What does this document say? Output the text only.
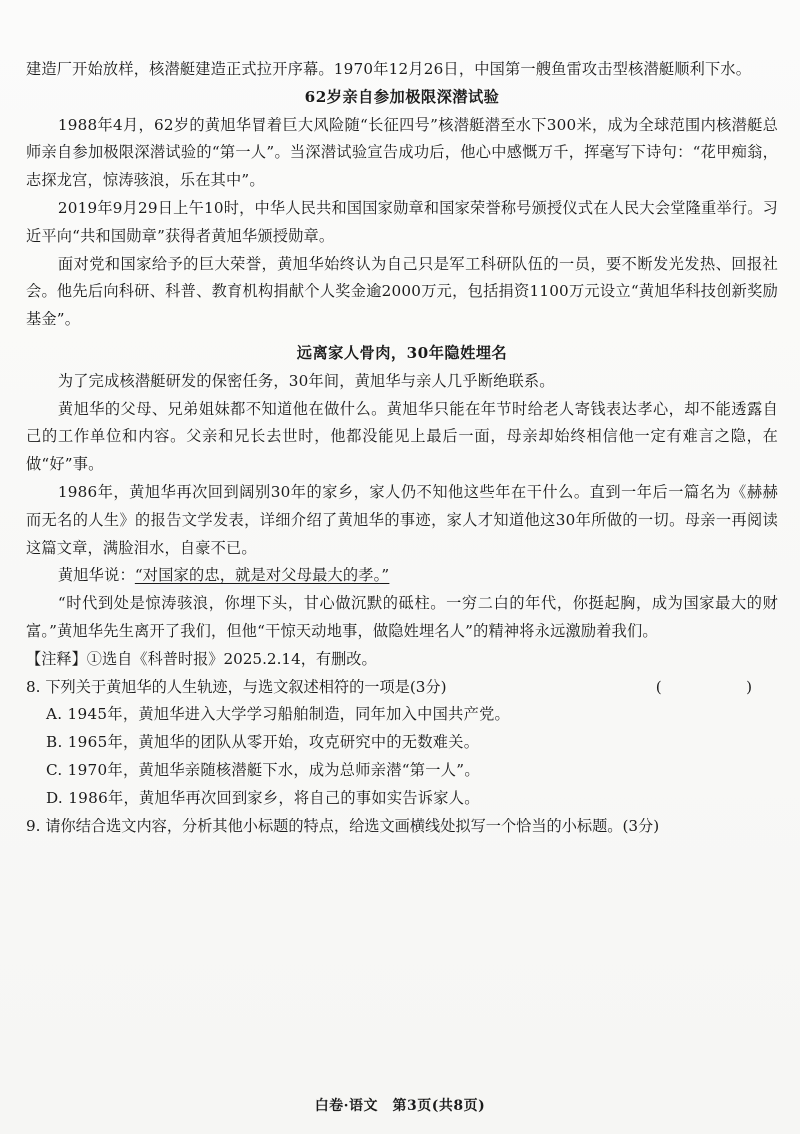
建造厂开始放样，核潜艇建造正式拉开序幕。1970年12月26日，中国第一艘鱼雷攻击型核潜艇顺利下水。

62岁亲自参加极限深潜试验

1988年4月，62岁的黄旭华冒着巨大风险随“长征四号”核潜艇潜至水下300米，成为全球范围内核潜艇总师亲自参加极限深潜试验的“第一人”。当深潜试验宣告成功后，他心中感慨万千，挥毫写下诗句：“花甲痴翁，志探龙宫，惊涛骇浪，乐在其中”。

2019年9月29日上午10时，中华人民共和国国家勋章和国家荣誉称号颁授仪式在人民大会堂隆重举行。习近平向“共和国勋章”获得者黄旭华颁授勋章。

面对党和国家给予的巨大荣誉，黄旭华始终认为自己只是军工科研队伍的一员，要不断发光发热、回报社会。他先后向科研、科普、教育机构捐献个人奖金逾2000万元，包括捐资1100万元设立“黄旭华科技创新奖励基金”。

远离家人骨肉，30年隐姓埋名

为了完成核潜艇研发的保密任务，30年间，黄旭华与亲人几乎断绝联系。

黄旭华的父母、兄弟姐妹都不知道他在做什么。黄旭华只能在年节时给老人寄钱表达孝心，却不能透露自己的工作单位和内容。父亲和兄长去世时，他都没能见上最后一面，母亲却始终相信他一定有难言之隐，在做“好”事。

1986年，黄旭华再次回到阔别30年的家乡，家人仍不知他这些年在干什么。直到一年后一篇名为《赫赫而无名的人生》的报告文学发表，详细介绍了黄旭华的事迹，家人才知道他这30年所做的一切。母亲一再阅读这篇文章，满脸泪水，自豪不已。

黄旭华说：“对国家的忠，就是对父母最大的孝。”

“时代到处是惊涛骇浪，你埋下头，甘心做沉默的砥柱。一穷二白的年代，你挺起胸，成为国家最大的财富。”黄旭华先生离开了我们，但他“干惊天动地事，做隐姓埋名人”的精神将永远激励着我们。

【注释】①选自《科普时报》2025.2.14，有删改。

8. 下列关于黄旭华的人生轨迹，与选文叙述相符的一项是(3分)	(　　)

A. 1945年，黄旭华进入大学学习船舶制造，同年加入中国共产党。

B. 1965年，黄旭华的团队从零开始，攻克研究中的无数难关。

C. 1970年，黄旭华亲随核潜艇下水，成为总师亲潜“第一人”。

D. 1986年，黄旭华再次回到家乡，将自己的事如实告诉家人。

9. 请你结合选文内容，分析其他小标题的特点，给选文画横线处拟写一个恰当的小标题。(3分)

白卷·语文　第3页(共8页)
